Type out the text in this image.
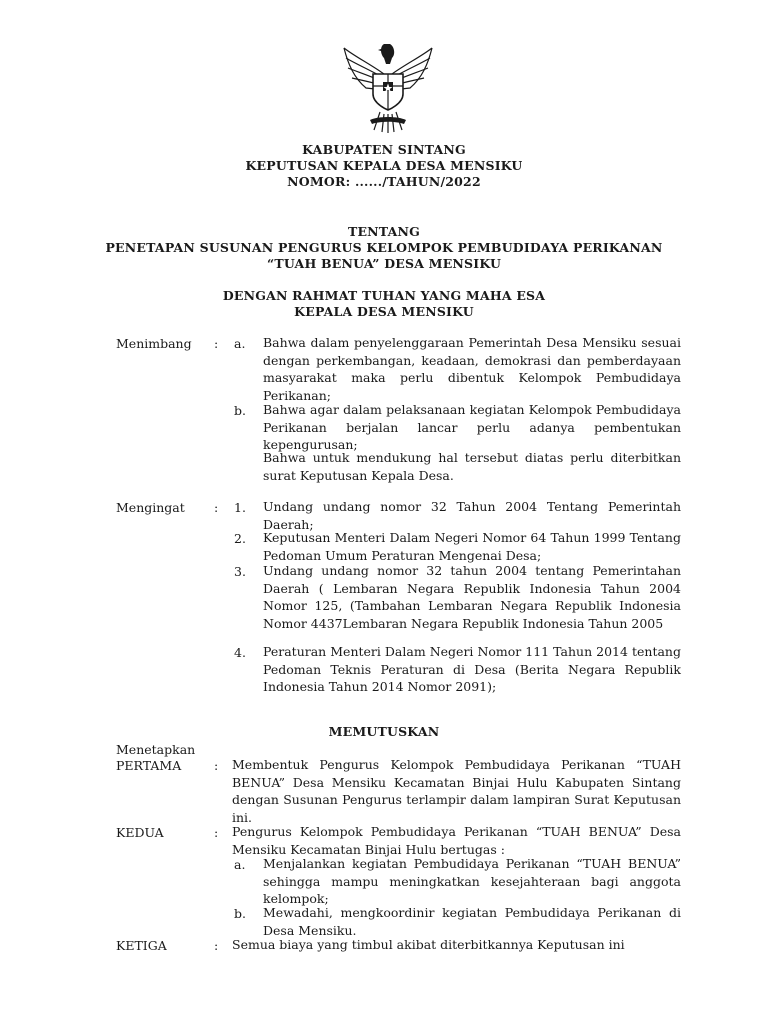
KABUPATEN SINTANG
KEPUTUSAN KEPALA DESA MENSIKU
NOMOR: ....../TAHUN/2022
TENTANG
PENETAPAN SUSUNAN PENGURUS KELOMPOK PEMBUDIDAYA PERIKANAN
“TUAH BENUA” DESA MENSIKU
DENGAN RAHMAT TUHAN YANG MAHA ESA
KEPALA DESA MENSIKU
Menimbang : a. Bahwa dalam penyelenggaraan Pemerintah Desa Mensiku sesuai dengan perkembangan, keadaan, demokrasi dan pemberdayaan masyarakat maka perlu dibentuk Kelompok Pembudidaya Perikanan;
b. Bahwa agar dalam pelaksanaan kegiatan Kelompok Pembudidaya Perikanan berjalan lancar perlu adanya pembentukan kepengurusan;
Bahwa untuk mendukung hal tersebut diatas perlu diterbitkan surat Keputusan Kepala Desa.
Mengingat : 1. Undang undang nomor 32 Tahun 2004 Tentang Pemerintah Daerah;
2. Keputusan Menteri Dalam Negeri Nomor 64 Tahun 1999 Tentang Pedoman Umum Peraturan Mengenai Desa;
3. Undang undang nomor 32 tahun 2004 tentang Pemerintahan Daerah ( Lembaran Negara Republik Indonesia Tahun 2004 Nomor 125, (Tambahan Lembaran Negara Republik Indonesia Nomor 4437Lembaran Negara Republik Indonesia Tahun 2005
4. Peraturan Menteri Dalam Negeri Nomor 111 Tahun 2014 tentang Pedoman Teknis Peraturan di Desa (Berita Negara Republik Indonesia Tahun 2014 Nomor 2091);
MEMUTUSKAN
Menetapkan
PERTAMA	: Membentuk Pengurus Kelompok Pembudidaya Perikanan “TUAH BENUA” Desa Mensiku Kecamatan Binjai Hulu Kabupaten Sintang dengan Susunan Pengurus terlampir dalam lampiran Surat Keputusan ini.
KEDUA	: Pengurus Kelompok Pembudidaya Perikanan “TUAH BENUA” Desa Mensiku Kecamatan Binjai Hulu bertugas :
a. Menjalankan kegiatan Pembudidaya Perikanan “TUAH BENUA” sehingga mampu meningkatkan kesejahteraan bagi anggota kelompok;
b. Mewadahi, mengkoordinir kegiatan Pembudidaya Perikanan di Desa Mensiku.
KETIGA	: Semua biaya yang timbul akibat diterbitkannya Keputusan ini
